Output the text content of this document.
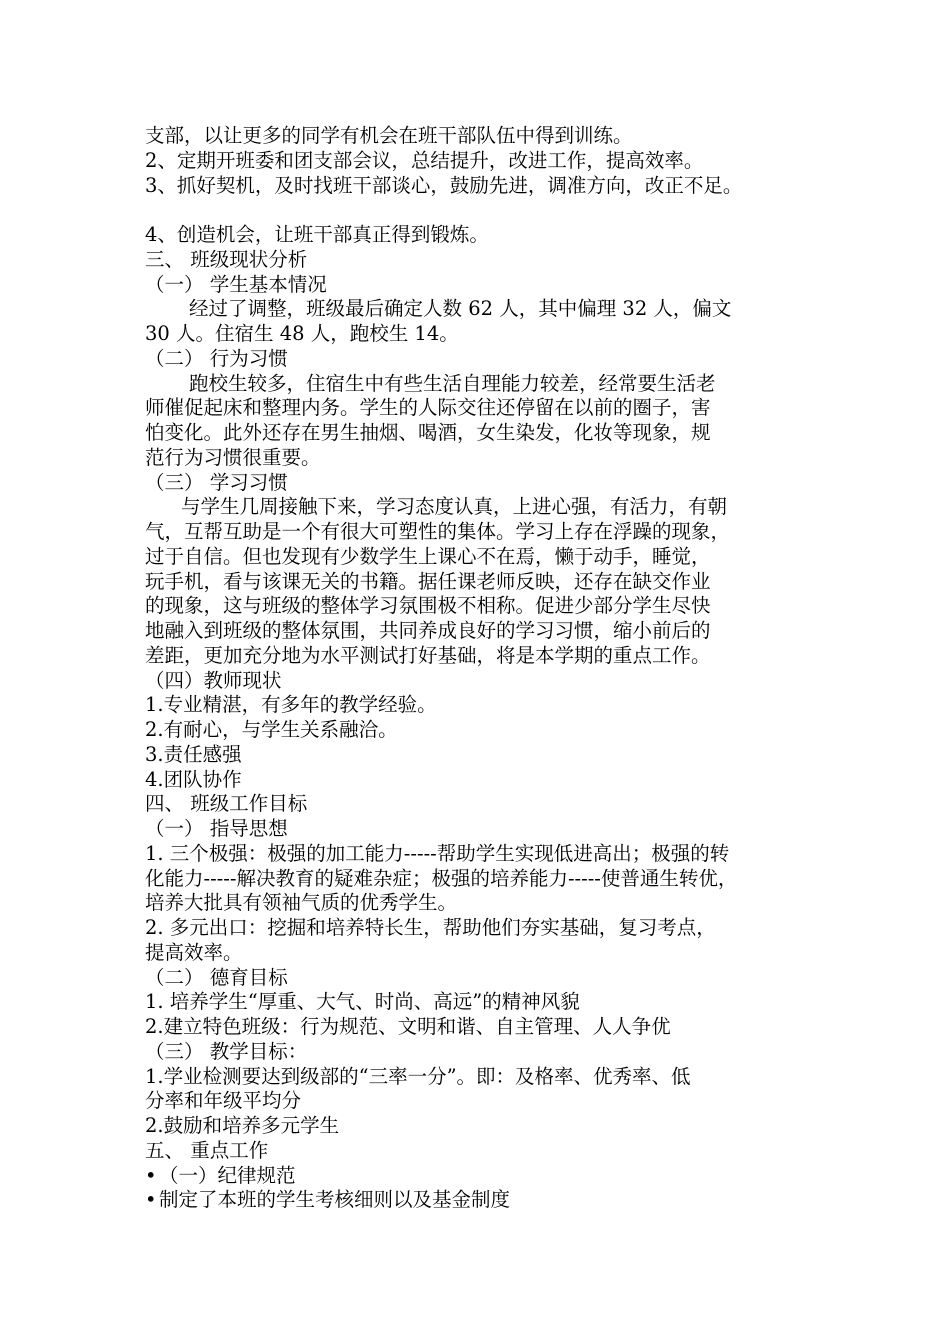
支部，以让更多的同学有机会在班干部队伍中得到训练。
2、定期开班委和团支部会议，总结提升，改进工作，提高效率。
3、抓好契机，及时找班干部谈心，鼓励先进，调准方向，改正不足。
4、创造机会，让班干部真正得到锻炼。
三、 班级现状分析
（一） 学生基本情况
经过了调整，班级最后确定人数 62 人，其中偏理 32 人，偏文
30 人。住宿生 48 人，跑校生 14。
（二） 行为习惯
跑校生较多，住宿生中有些生活自理能力较差，经常要生活老
师催促起床和整理内务。学生的人际交往还停留在以前的圈子，害
怕变化。此外还存在男生抽烟、喝酒，女生染发，化妆等现象，规
范行为习惯很重要。
（三） 学习习惯
与学生几周接触下来，学习态度认真，上进心强，有活力，有朝
气，互帮互助是一个有很大可塑性的集体。学习上存在浮躁的现象，
过于自信。但也发现有少数学生上课心不在焉，懒于动手，睡觉，
玩手机，看与该课无关的书籍。据任课老师反映，还存在缺交作业
的现象，这与班级的整体学习氛围极不相称。促进少部分学生尽快
地融入到班级的整体氛围，共同养成良好的学习习惯，缩小前后的
差距，更加充分地为水平测试打好基础，将是本学期的重点工作。
（四）教师现状
1.专业精湛，有多年的教学经验。
2.有耐心，与学生关系融洽。
3.责任感强
4.团队协作
四、 班级工作目标
（一） 指导思想
1. 三个极强：极强的加工能力-----帮助学生实现低进高出；极强的转
化能力-----解决教育的疑难杂症；极强的培养能力-----使普通生转优，
培养大批具有领袖气质的优秀学生。
2. 多元出口：挖掘和培养特长生，帮助他们夯实基础，复习考点，
提高效率。
（二） 德育目标
1. 培养学生“厚重、大气、时尚、高远”的精神风貌
2.建立特色班级：行为规范、文明和谐、自主管理、人人争优
（三） 教学目标：
1.学业检测要达到级部的“三率一分”。即：及格率、优秀率、低
分率和年级平均分
2.鼓励和培养多元学生
五、 重点工作
• （一）纪律规范
• 制定了本班的学生考核细则以及基金制度
